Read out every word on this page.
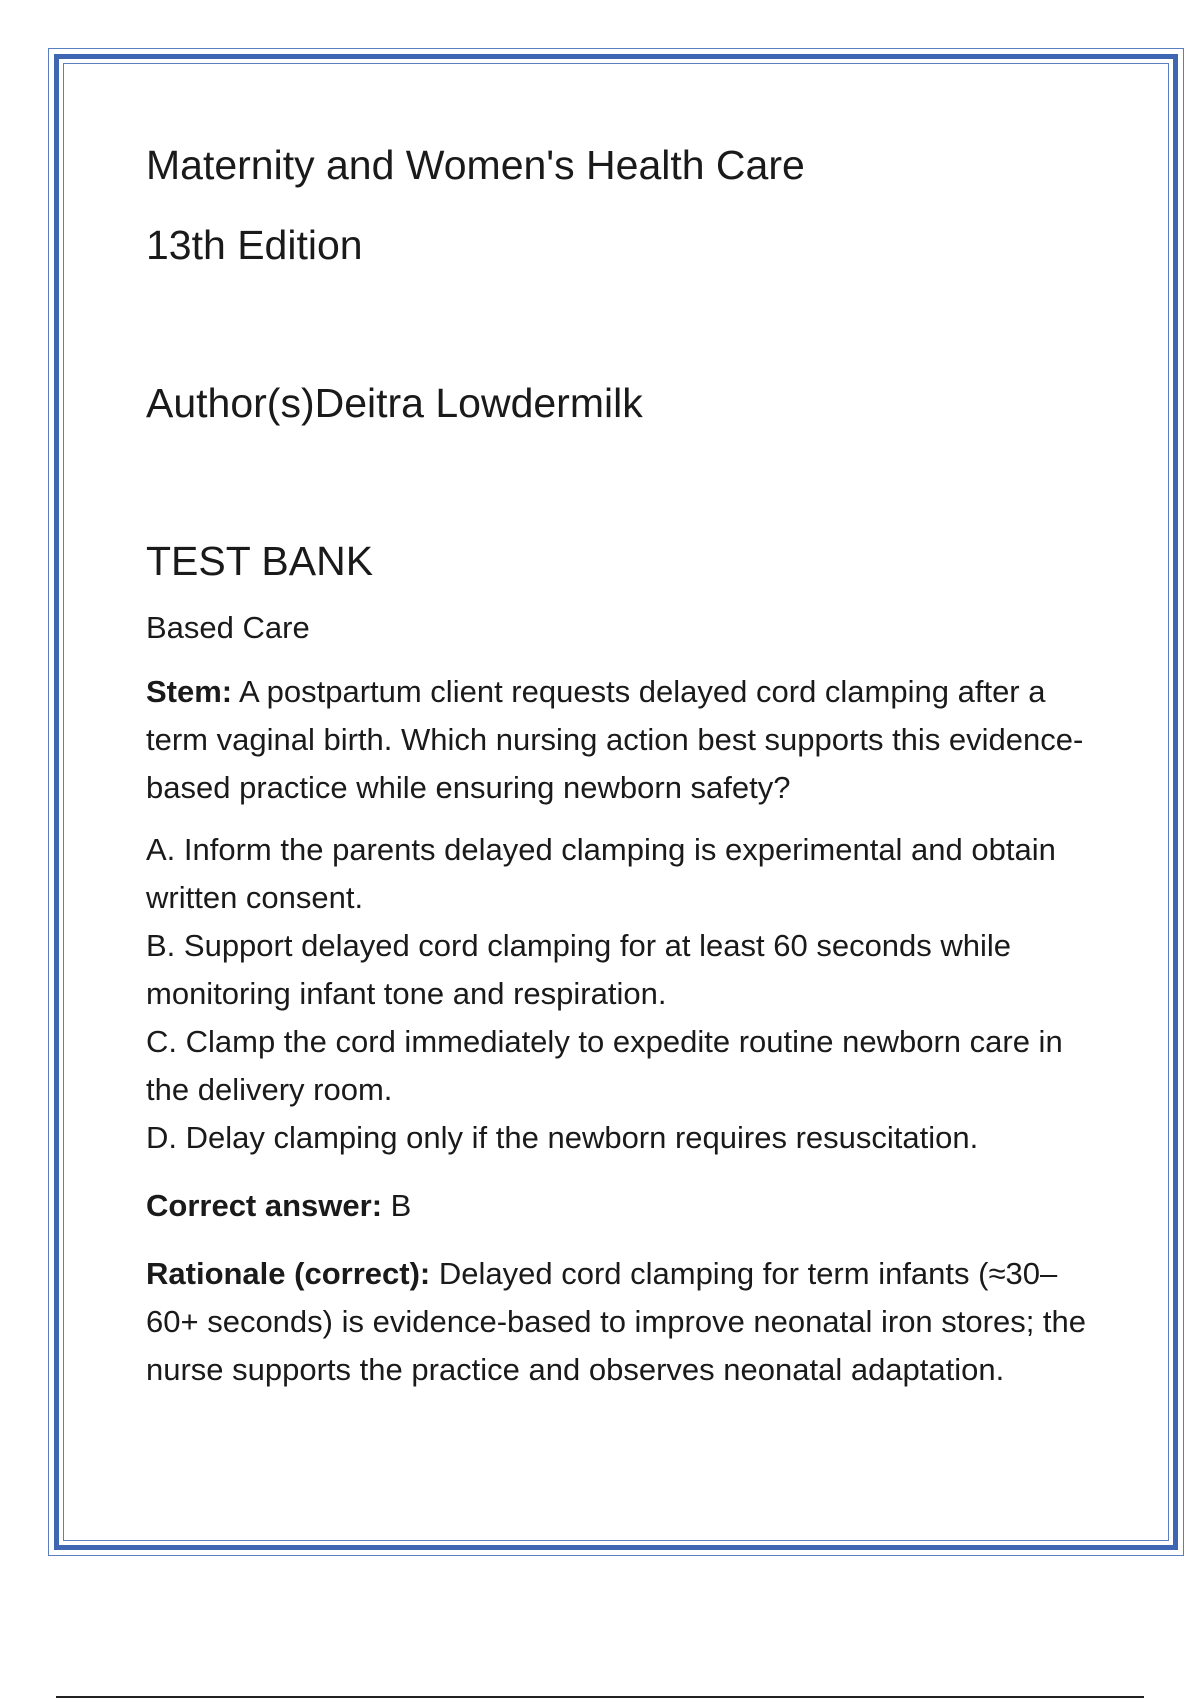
Maternity and Women's Health Care
13th Edition
Author(s)Deitra Lowdermilk
TEST BANK
Based Care

Stem: A postpartum client requests delayed cord clamping after a term vaginal birth. Which nursing action best supports this evidence-based practice while ensuring newborn safety?

A. Inform the parents delayed clamping is experimental and obtain written consent.
B. Support delayed cord clamping for at least 60 seconds while monitoring infant tone and respiration.
C. Clamp the cord immediately to expedite routine newborn care in the delivery room.
D. Delay clamping only if the newborn requires resuscitation.

Correct answer: B

Rationale (correct): Delayed cord clamping for term infants (≈30–60+ seconds) is evidence-based to improve neonatal iron stores; the nurse supports the practice and observes neonatal adaptation.
